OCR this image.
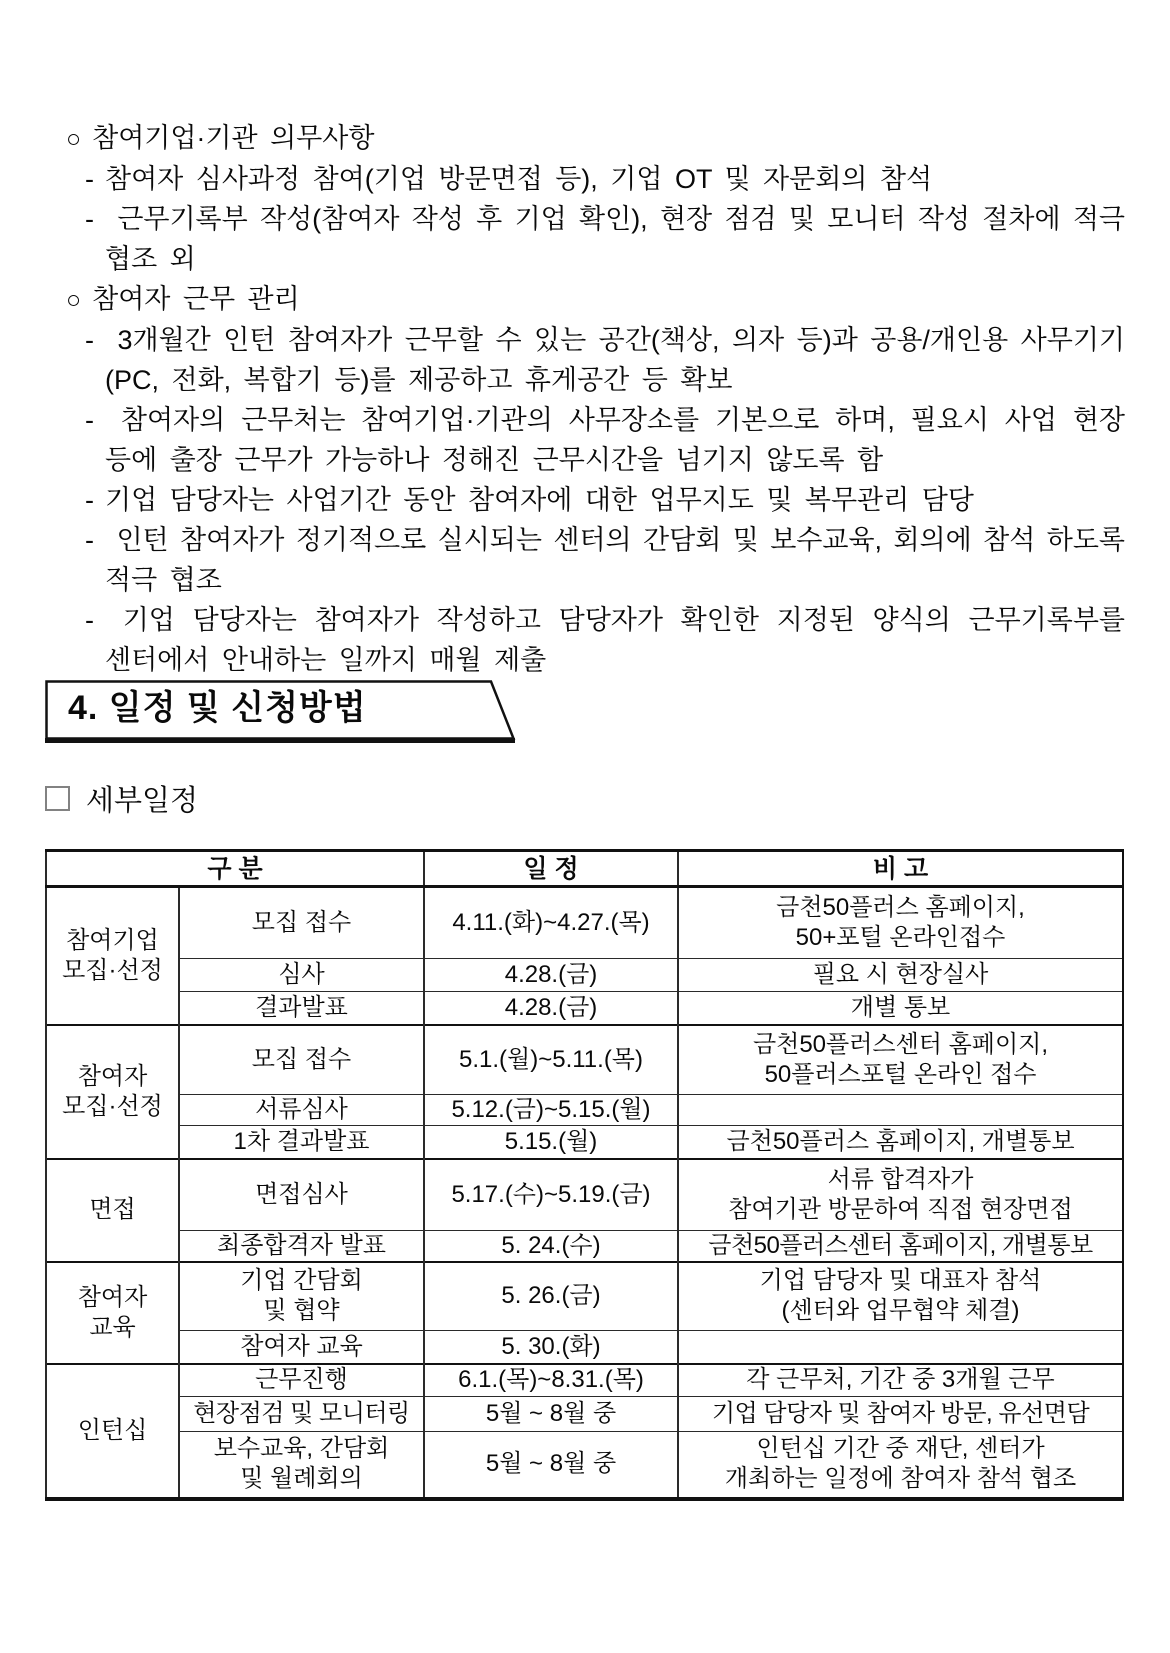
○ 참여기업·기관 의무사항
- 참여자 심사과정 참여(기업 방문면접 등), 기업 OT 및 자문회의 참석
- 근무기록부 작성(참여자 작성 후 기업 확인), 현장 점검 및 모니터 작성 절차에 적극
협조 외
○ 참여자 근무 관리
- 3개월간 인턴 참여자가 근무할 수 있는 공간(책상, 의자 등)과 공용/개인용 사무기기
(PC, 전화, 복합기 등)를 제공하고 휴게공간 등 확보
- 참여자의 근무처는 참여기업·기관의 사무장소를 기본으로 하며, 필요시 사업 현장
등에 출장 근무가 가능하나 정해진 근무시간을 넘기지 않도록 함
- 기업 담당자는 사업기간 동안 참여자에 대한 업무지도 및 복무관리 담당
- 인턴 참여자가 정기적으로 실시되는 센터의 간담회 및 보수교육, 회의에 참석 하도록
적극 협조
- 기업 담당자는 참여자가 작성하고 담당자가 확인한 지정된 양식의 근무기록부를
센터에서 안내하는 일까지 매월 제출
4. 일정 및 신청방법
세부일정
구 분		일 정	비 고
참여기업
모집·선정	모집 접수	4.11.(화)~4.27.(목)	금천50플러스 홈페이지,
50+포털 온라인접수
	심사	4.28.(금)	필요 시 현장실사
	결과발표	4.28.(금)	개별 통보
참여자
모집·선정	모집 접수	5.1.(월)~5.11.(목)	금천50플러스센터 홈페이지,
50플러스포털 온라인 접수
	서류심사	5.12.(금)~5.15.(월)	
	1차 결과발표	5.15.(월)	금천50플러스 홈페이지, 개별통보
면접	면접심사	5.17.(수)~5.19.(금)	서류 합격자가
참여기관 방문하여 직접 현장면접
	최종합격자 발표	5. 24.(수)	금천50플러스센터 홈페이지, 개별통보
참여자
교육	기업 간담회
및 협약	5. 26.(금)	기업 담당자 및 대표자 참석
(센터와 업무협약 체결)
	참여자 교육	5. 30.(화)	
인턴십	근무진행	6.1.(목)~8.31.(목)	각 근무처, 기간 중 3개월 근무
	현장점검 및 모니터링	5월 ~ 8월 중	기업 담당자 및 참여자 방문, 유선면담
	보수교육, 간담회
및 월례회의	5월 ~ 8월 중	인턴십 기간 중 재단, 센터가
개최하는 일정에 참여자 참석 협조
